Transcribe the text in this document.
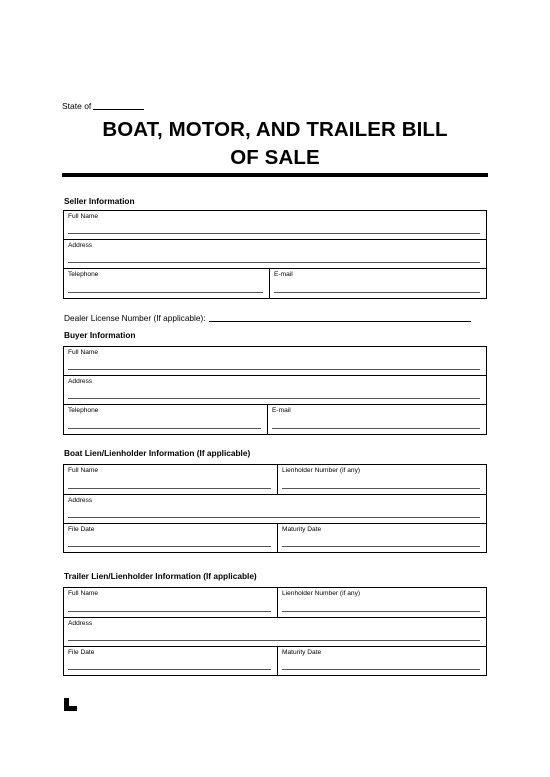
State of
BOAT, MOTOR, AND TRAILER BILL
OF SALE
Seller Information
Full Name
Address
Telephone	E-mail
Dealer License Number (If applicable):
Buyer Information
Full Name
Address
Telephone	E-mail
Boat Lien/Lienholder Information (If applicable)
Full Name	Lienholder Number (if any)
Address
File Date	Maturity Date
Trailer Lien/Lienholder Information (If applicable)
Full Name	Lienholder Number (if any)
Address
File Date	Maturity Date
